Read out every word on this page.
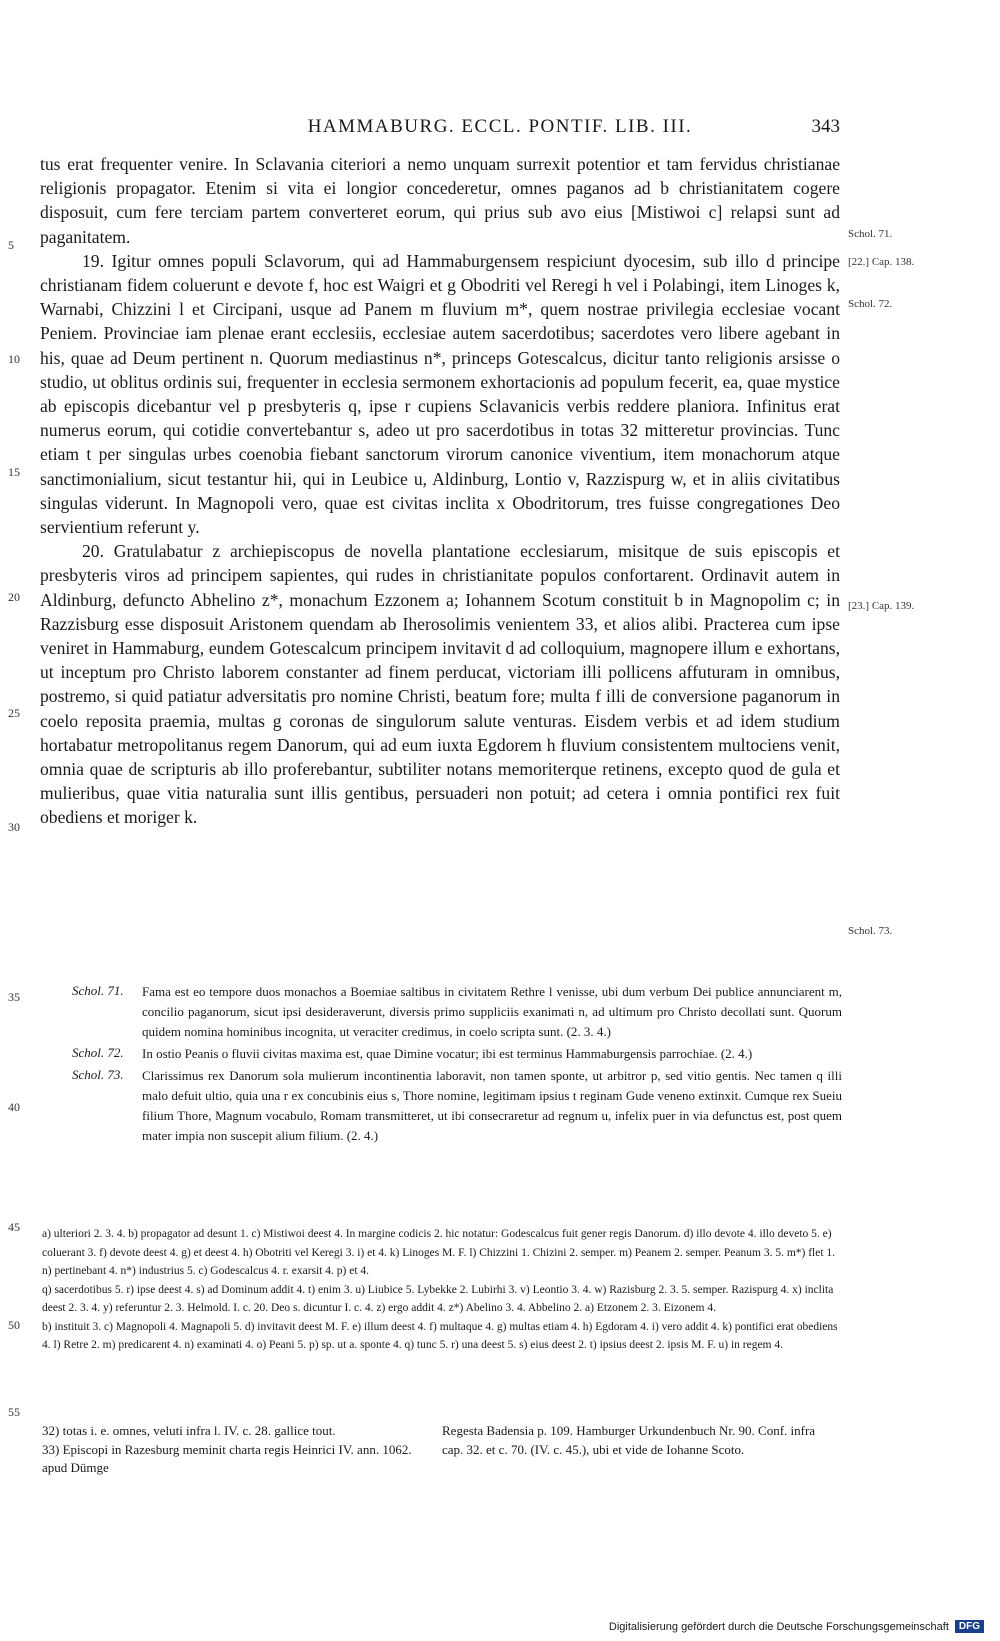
HAMMABURG. ECCL. PONTIF. LIB. III.	343
5
10
15
20
25
30
35
40
45
50
55
Schol. 71.
[22.] Cap. 138.
Schol. 72.
[23.] Cap. 139.
Schol. 73.

tus erat frequenter venire. In Sclavania citeriori a nemo unquam surrexit potentior et tam fervidus christianae religionis propagator. Etenim si vita ei longior concederetur, omnes paganos ad b christianitatem cogere disposuit, cum fere terciam partem converteret eorum, qui prius sub avo eius [Mistiwoi c] relapsi sunt ad paganitatem.

19. Igitur omnes populi Sclavorum, qui ad Hammaburgensem respiciunt dyocesim, sub illo d principe christianam fidem coluerunt e devote f, hoc est Waigri et g Obodriti vel Reregi h vel i Polabingi, item Linoges k, Warnabi, Chizzini l et Circipani, usque ad Panem m fluvium m*, quem nostrae privilegia ecclesiae vocant Peniem. Provinciae iam plenae erant ecclesiis, ecclesiae autem sacerdotibus; sacerdotes vero libere agebant in his, quae ad Deum pertinent n. Quorum mediastinus n*, princeps Gotescalcus, dicitur tanto religionis arsisse o studio, ut oblitus ordinis sui, frequenter in ecclesia sermonem exhortacionis ad populum fecerit, ea, quae mystice ab episcopis dicebantur vel p presbyteris q, ipse r cupiens Sclavanicis verbis reddere planiora. Infinitus erat numerus eorum, qui cotidie convertebantur s, adeo ut pro sacerdotibus in totas 32 mitteretur provincias. Tunc etiam t per singulas urbes coenobia fiebant sanctorum virorum canonice viventium, item monachorum atque sanctimonialium, sicut testantur hii, qui in Leubice u, Aldinburg, Lontio v, Razzispurg w, et in aliis civitatibus singulas viderunt. In Magnopoli vero, quae est civitas inclita x Obodritorum, tres fuisse congregationes Deo servientium referunt y.

20. Gratulabatur z archiepiscopus de novella plantatione ecclesiarum, misitque de suis episcopis et presbyteris viros ad principem sapientes, qui rudes in christianitate populos confortarent. Ordinavit autem in Aldinburg, defuncto Abhelino z*, monachum Ezzonem a; Iohannem Scotum constituit b in Magnopolim c; in Razzisburg esse disposuit Aristonem quendam ab Iherosolimis venientem 33, et alios alibi. Practerea cum ipse veniret in Hammaburg, eundem Gotescalcum principem invitavit d ad colloquium, magnopere illum e exhortans, ut inceptum pro Christo laborem constanter ad finem perducat, victoriam illi pollicens affuturam in omnibus, postremo, si quid patiatur adversitatis pro nomine Christi, beatum fore; multa f illi de conversione paganorum in coelo reposita praemia, multas g coronas de singulorum salute venturas. Eisdem verbis et ad idem studium hortabatur metropolitanus regem Danorum, qui ad eum iuxta Egdorem h fluvium consistentem multociens venit, omnia quae de scripturis ab illo proferebantur, subtiliter notans memoriterque retinens, excepto quod de gula et mulieribus, quae vitia naturalia sunt illis gentibus, persuaderi non potuit; ad cetera i omnia pontifici rex fuit obediens et moriger k.

Schol. 71.	Fama est eo tempore duos monachos a Boemiae saltibus in civitatem Rethre l venisse, ubi dum verbum Dei publice annunciarent m, concilio paganorum, sicut ipsi desideraverunt, diversis primo suppliciis exanimati n, ad ultimum pro Christo decollati sunt. Quorum quidem nomina hominibus incognita, ut veraciter credimus, in coelo scripta sunt. (2. 3. 4.)
Schol. 72.	In ostio Peanis o fluvii civitas maxima est, quae Dimine vocatur; ibi est terminus Hammaburgensis parrochiae. (2. 4.)
Schol. 73.	Clarissimus rex Danorum sola mulierum incontinentia laboravit, non tamen sponte, ut arbitror p, sed vitio gentis. Nec tamen q illi malo defuit ultio, quia una r ex concubinis eius s, Thore nomine, legitimam ipsius t reginam Gude veneno extinxit. Cumque rex Sueiu filium Thore, Magnum vocabulo, Romam transmitteret, ut ibi consecraretur ad regnum u, infelix puer in via defunctus est, post quem mater impia non suscepit alium filium. (2. 4.)
a) ulteriori 2. 3. 4. b) propagator ad desunt 1. c) Mistiwoi deest 4. In margine codicis 2. hic notatur: Godescalcus fuit gener regis Danorum. d) illo devote 4. illo deveto 5. e) coluerant 3. f) devote deest 4. g) et deest 4. h) Obotriti vel Keregi 3. i) et 4. k) Linoges M. F. l) Chizzini 1. Chizini 2. semper. m) Peanem 2. semper. Peanum 3. 5. m*) flet 1. n) pertinebant 4. n*) industrius 5. c) Godescalcus 4. r. exarsit 4. p) et 4.
q) sacerdotibus 5. r) ipse deest 4. s) ad Dominum addit 4. t) enim 3. u) Liubice 5. Lybekke 2. Lubirhi 3. v) Leontio 3. 4. w) Razisburg 2. 3. 5. semper. Razispurg 4. x) inclita deest 2. 3. 4. y) referuntur 2. 3. Helmold. I. c. 20. Deo s. dicuntur I. c. 4. z) ergo addit 4. z*) Abelino 3. 4. Abbelino 2. a) Etzonem 2. 3. Eizonem 4.
b) instituit 3. c) Magnopoli 4. Magnapoli 5. d) invitavit deest M. F. e) illum deest 4. f) multaque 4. g) multas etiam 4. h) Egdoram 4. i) vero addit 4. k) pontifici erat obediens 4. l) Retre 2. m) predicarent 4. n) examinati 4. o) Peani 5. p) sp. ut a. sponte 4. q) tunc 5. r) una deest 5. s) eius deest 2. t) ipsius deest 2. ipsis M. F. u) in regem 4.
32) totas i. e. omnes, veluti infra l. IV. c. 28. gallice tout.
33) Episcopi in Razesburg meminit charta regis Heinrici IV. ann. 1062. apud Dümge
Regesta Badensia p. 109. Hamburger Urkundenbuch Nr. 90. Conf. infra cap. 32. et c. 70. (IV. c. 45.), ubi et vide de Iohanne Scoto.
Digitalisierung gefördert durch die Deutsche Forschungsgemeinschaft	DFG
